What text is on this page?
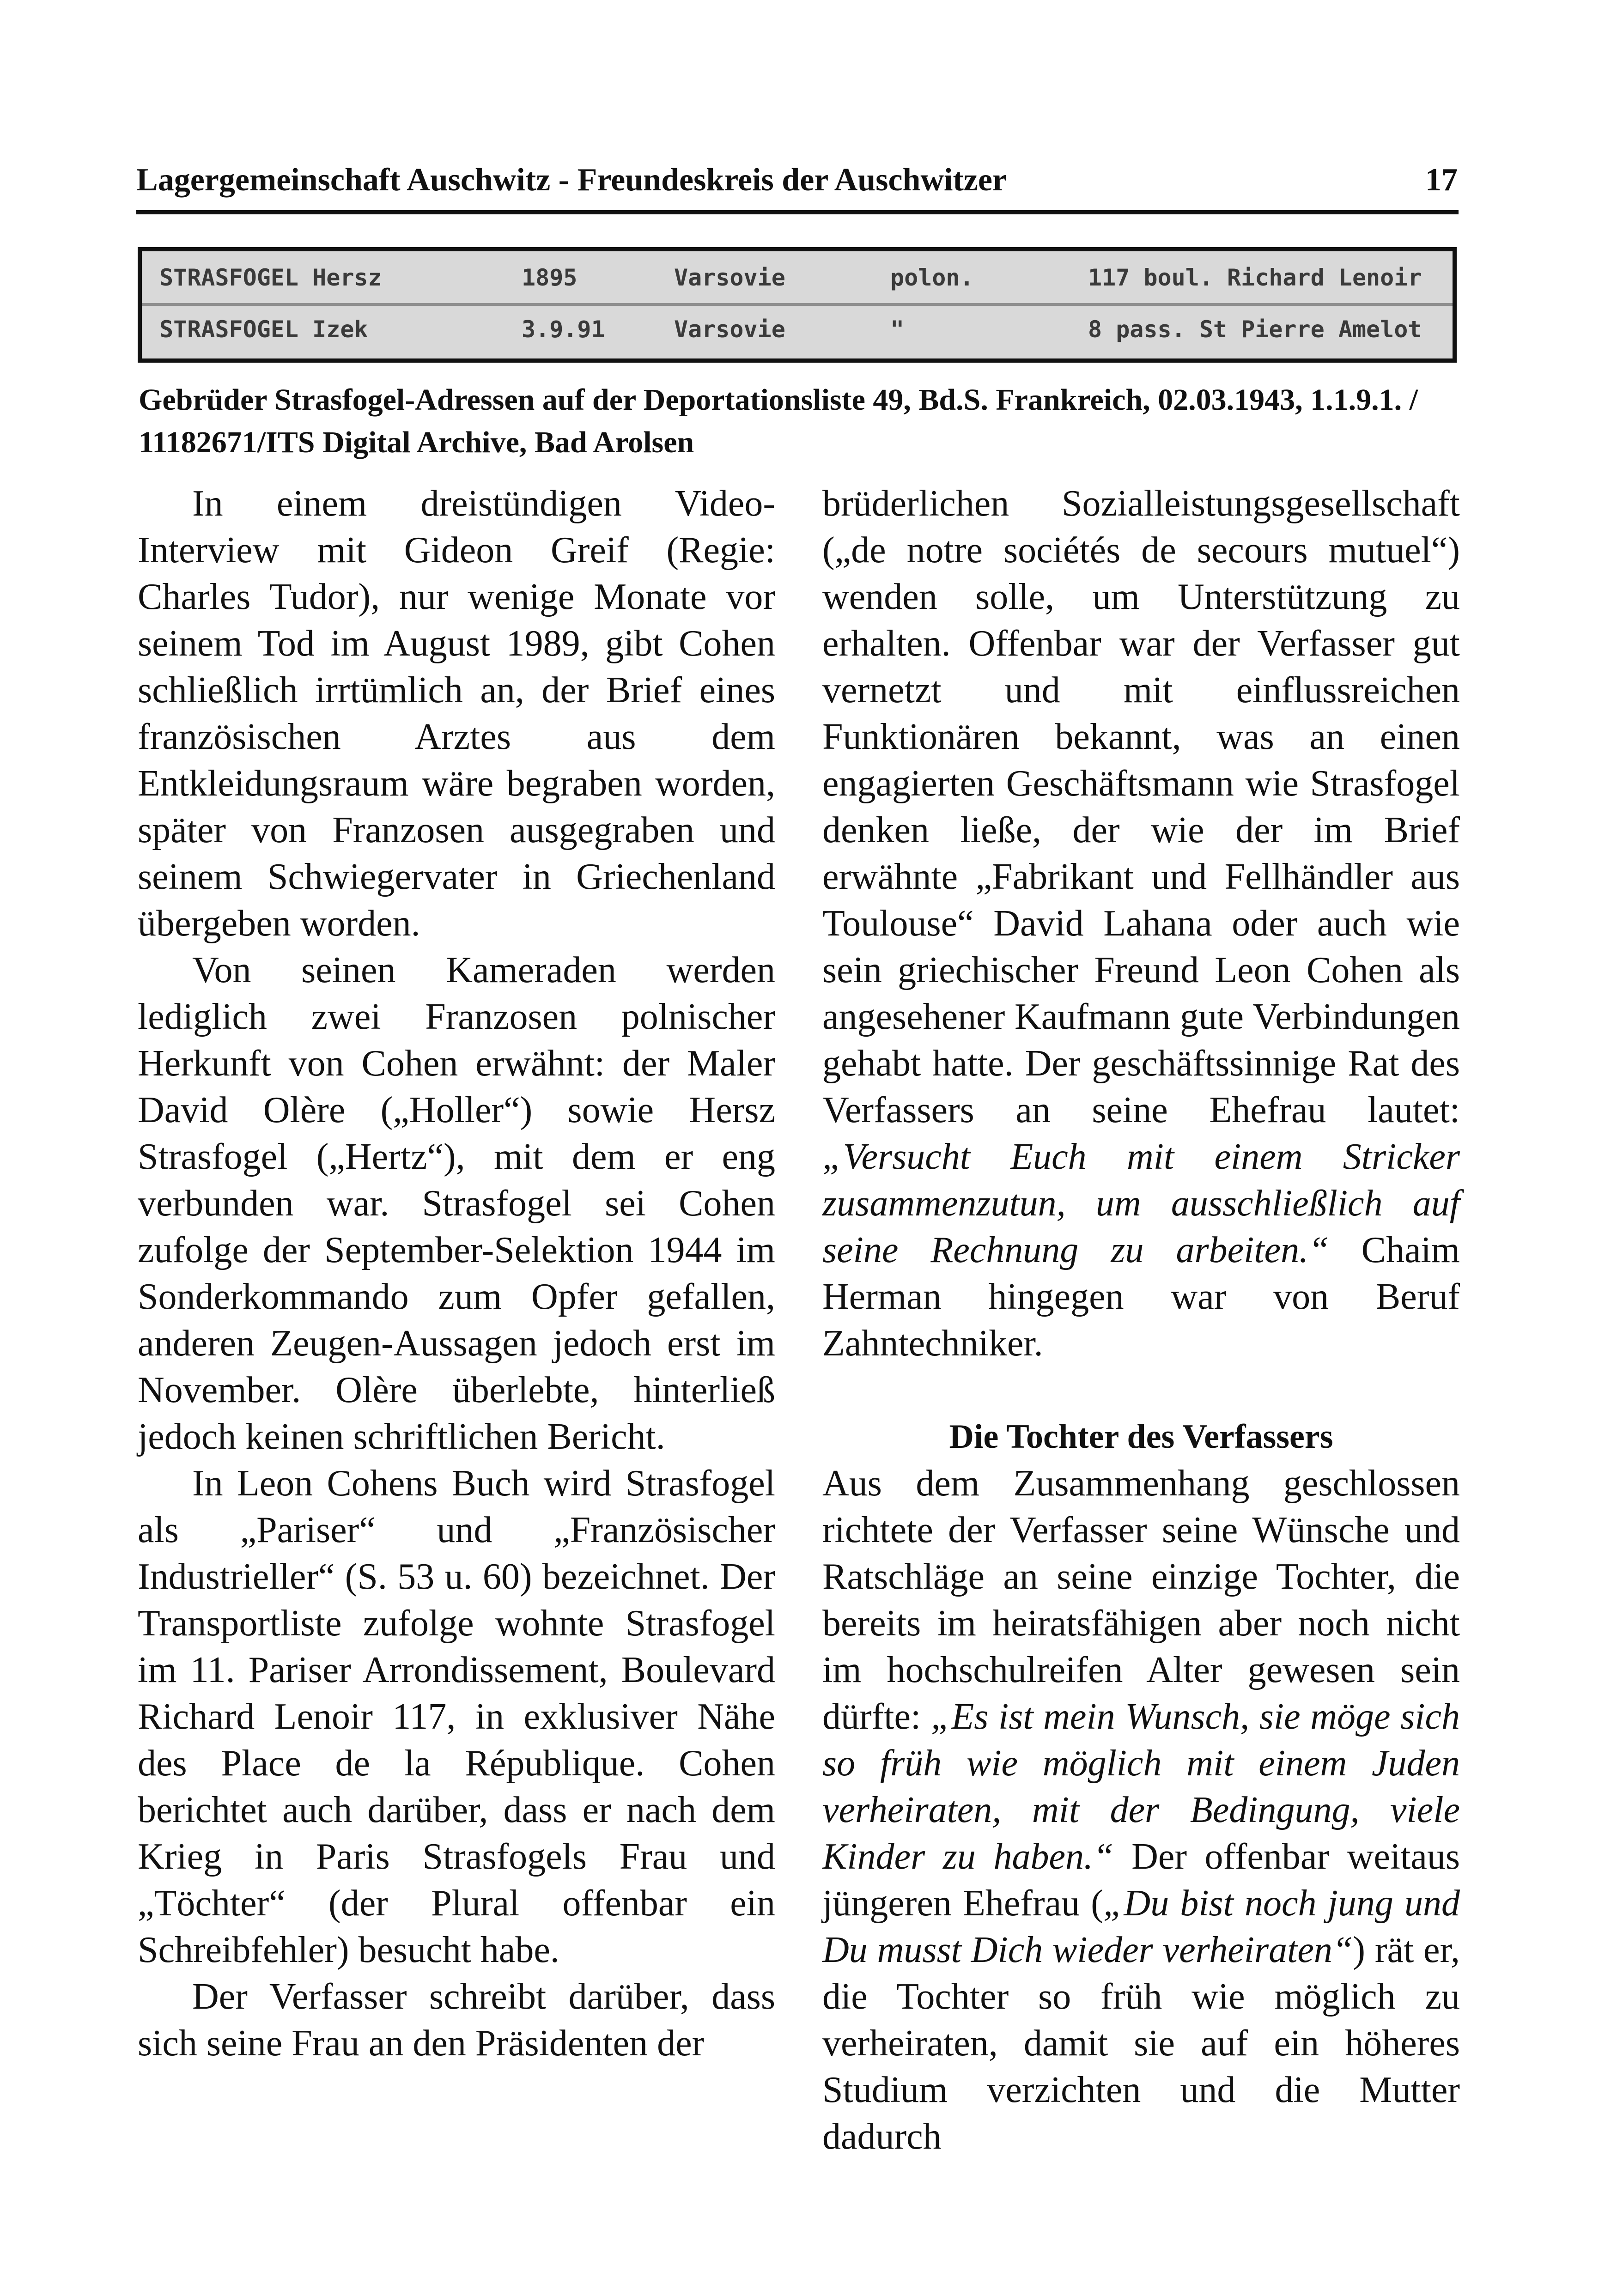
Lagergemeinschaft Auschwitz - Freundeskreis der Auschwitzer	17
STRASFOGEL Hersz	1895	Varsovie	polon.	117 boul. Richard Lenoir
STRASFOGEL Izek	3.9.91	Varsovie	"	8 pass. St Pierre Amelot
Gebrüder Strasfogel-Adressen auf der Deportationsliste 49, Bd.S. Frankreich, 02.03.1943, 1.1.9.1. / 11182671/ITS Digital Archive, Bad Arolsen

In einem dreistündigen Video-Interview mit Gideon Greif (Regie: Charles Tudor), nur wenige Monate vor seinem Tod im August 1989, gibt Cohen schließlich irrtümlich an, der Brief eines französischen Arztes aus dem Entkleidungsraum wäre begraben worden, später von Franzosen ausgegraben und seinem Schwiegervater in Griechenland übergeben worden.

Von seinen Kameraden werden lediglich zwei Franzosen polnischer Herkunft von Cohen erwähnt: der Maler David Olère („Holler“) sowie Hersz Strasfogel („Hertz“), mit dem er eng verbunden war. Strasfogel sei Cohen zufolge der September-Selektion 1944 im Sonderkommando zum Opfer gefallen, anderen Zeugen-Aussagen jedoch erst im November. Olère überlebte, hinterließ jedoch keinen schriftlichen Bericht.

In Leon Cohens Buch wird Strasfogel als „Pariser“ und „Französischer Industrieller“ (S. 53 u. 60) bezeichnet. Der Transportliste zufolge wohnte Strasfogel im 11. Pariser Arrondissement, Boulevard Richard Lenoir 117, in exklusiver Nähe des Place de la République. Cohen berichtet auch darüber, dass er nach dem Krieg in Paris Strasfogels Frau und „Töchter“ (der Plural offenbar ein Schreibfehler) besucht habe.

Der Verfasser schreibt darüber, dass sich seine Frau an den Präsidenten der

brüderlichen Sozialleistungsgesellschaft („de notre sociétés de secours mutuel“) wenden solle, um Unterstützung zu erhalten. Offenbar war der Verfasser gut vernetzt und mit einflussreichen Funktionären bekannt, was an einen engagierten Geschäftsmann wie Strasfogel denken ließe, der wie der im Brief erwähnte „Fabrikant und Fellhändler aus Toulouse“ David Lahana oder auch wie sein griechischer Freund Leon Cohen als angesehener Kaufmann gute Verbindungen gehabt hatte. Der geschäftssinnige Rat des Verfassers an seine Ehefrau lautet: „Versucht Euch mit einem Stricker zusammenzutun, um ausschließlich auf seine Rechnung zu arbeiten.“ Chaim Herman hingegen war von Beruf Zahntechniker.

Die Tochter des Verfassers

Aus dem Zusammenhang geschlossen richtete der Verfasser seine Wünsche und Ratschläge an seine einzige Tochter, die bereits im heiratsfähigen aber noch nicht im hochschulreifen Alter gewesen sein dürfte: „Es ist mein Wunsch, sie möge sich so früh wie möglich mit einem Juden verheiraten, mit der Bedingung, viele Kinder zu haben.“ Der offenbar weitaus jüngeren Ehefrau („Du bist noch jung und Du musst Dich wieder verheiraten“) rät er, die Tochter so früh wie möglich zu verheiraten, damit sie auf ein höheres Studium verzichten und die Mutter dadurch
